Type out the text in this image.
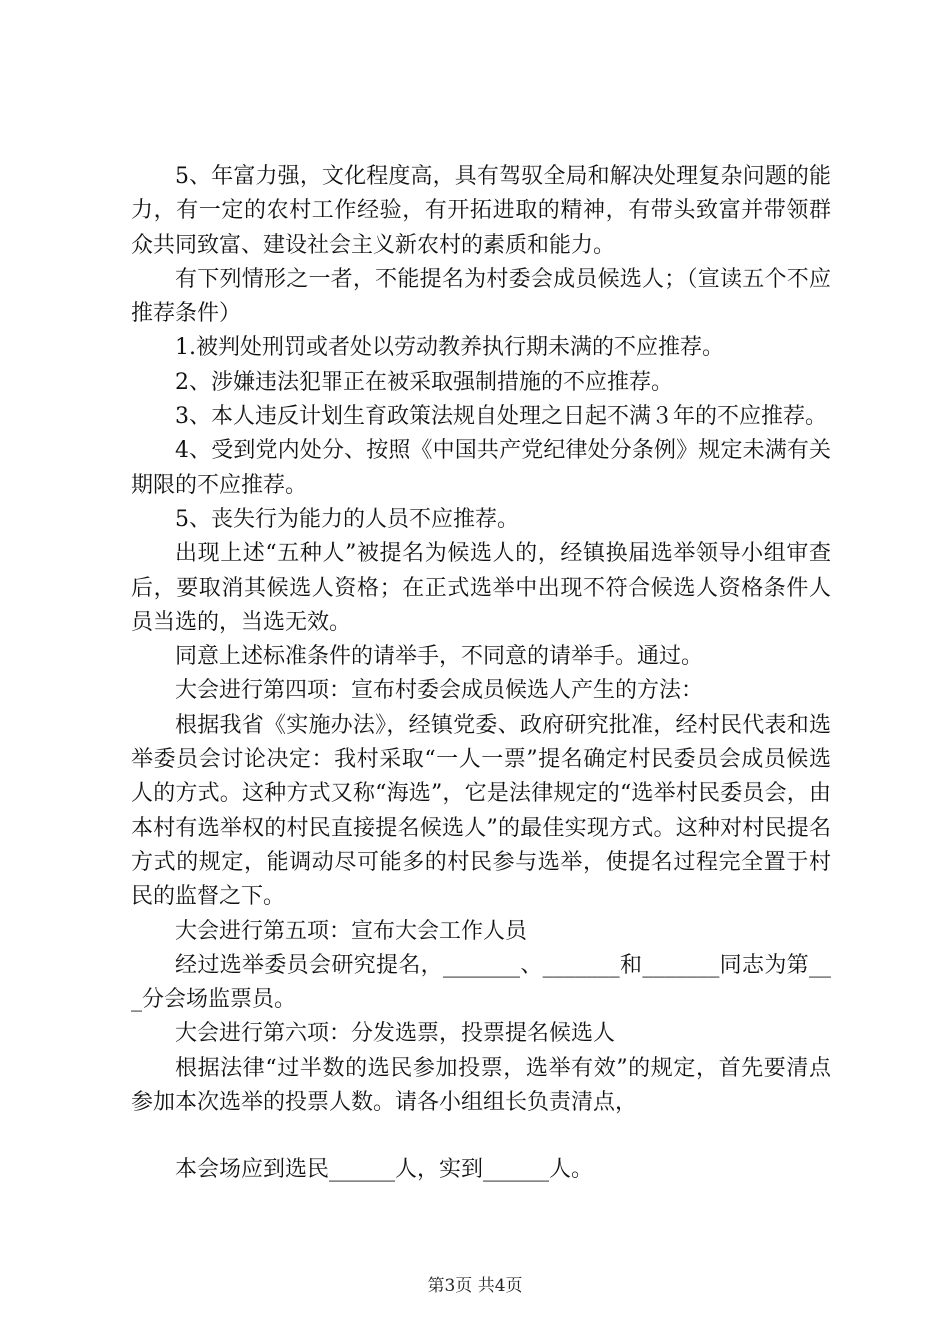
5、年富力强，文化程度高，具有驾驭全局和解决处理复杂问题的能力，有一定的农村工作经验，有开拓进取的精神，有带头致富并带领群众共同致富、建设社会主义新农村的素质和能力。

有下列情形之一者，不能提名为村委会成员候选人；（宣读五个不应推荐条件）

1.被判处刑罚或者处以劳动教养执行期未满的不应推荐。

2、涉嫌违法犯罪正在被采取强制措施的不应推荐。

3、本人违反计划生育政策法规自处理之日起不满３年的不应推荐。

4、受到党内处分、按照《中国共产党纪律处分条例》规定未满有关期限的不应推荐。

5、丧失行为能力的人员不应推荐。

出现上述“五种人”被提名为候选人的，经镇换届选举领导小组审查后，要取消其候选人资格；在正式选举中出现不符合候选人资格条件人员当选的，当选无效。

同意上述标准条件的请举手，不同意的请举手。通过。

大会进行第四项：宣布村委会成员候选人产生的方法：

根据我省《实施办法》，经镇党委、政府研究批准，经村民代表和选举委员会讨论决定：我村采取“一人一票”提名确定村民委员会成员候选人的方式。这种方式又称“海选”，它是法律规定的“选举村民委员会，由本村有选举权的村民直接提名候选人”的最佳实现方式。这种对村民提名方式的规定，能调动尽可能多的村民参与选举，使提名过程完全置于村民的监督之下。

大会进行第五项：宣布大会工作人员

经过选举委员会研究提名，_______、_______和_______同志为第___分会场监票员。

大会进行第六项：分发选票，投票提名候选人

根据法律“过半数的选民参加投票，选举有效”的规定，首先要清点参加本次选举的投票人数。请各小组组长负责清点，

本会场应到选民______人，实到______人。

第3页 共4页
